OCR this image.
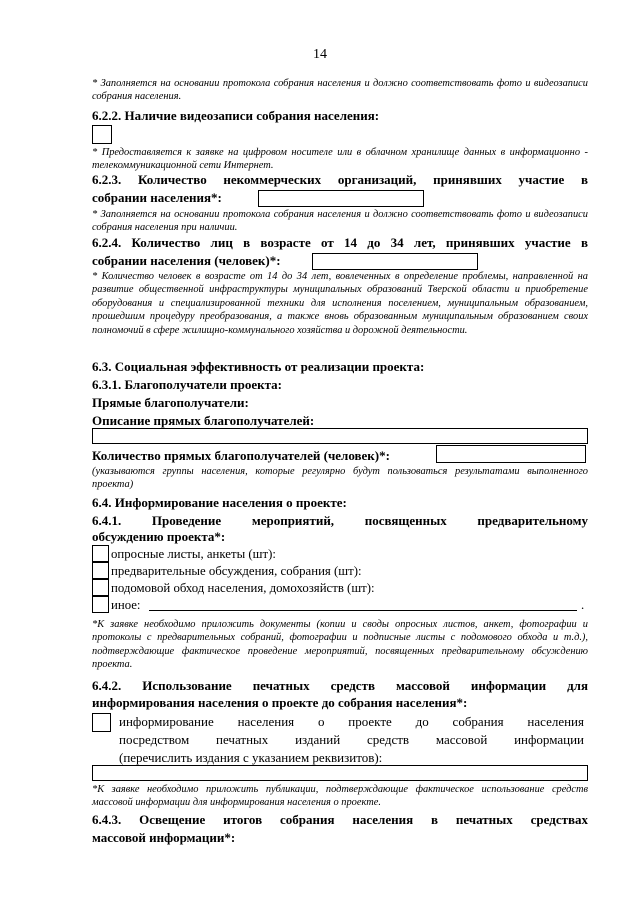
14

* Заполняется на основании протокола собрания населения и должно соответствовать фото и видеозаписи собрания населения.

6.2.2. Наличие видеозаписи собрания населения:

* Предоставляется к заявке на цифровом носителе или в облачном хранилище данных в информационно - телекоммуникационной сети Интернет.

6.2.3. Количество некоммерческих организаций, принявших участие в

собрании населения*:

* Заполняется на основании протокола собрания населения и должно соответствовать фото и видеозаписи собрания населения при наличии.

6.2.4. Количество лиц в возрасте от 14 до 34 лет, принявших участие в

собрании населения (человек)*:

* Количество человек в возрасте от 14 до 34 лет, вовлеченных в определение проблемы, направленной на развитие общественной инфраструктуры муниципальных образований Тверской области и приобретение оборудования и специализированной техники для исполнения поселением, муниципальным образованием, прошедшим процедуру преобразования, а также вновь образованным муниципальным образованием своих полномочий в сфере жилищно-коммунального хозяйства и дорожной деятельности.

6.3. Социальная эффективность от реализации проекта:

6.3.1. Благополучатели проекта:

Прямые благополучатели:

Описание прямых благополучателей:

Количество прямых благополучателей (человек)*:

(указываются группы населения, которые регулярно будут пользоваться результатами выполненного проекта)

6.4. Информирование населения о проекте:

6.4.1. Проведение мероприятий, посвященных предварительному

обсуждению проекта*:

опросные листы, анкеты (шт):
предварительные обсуждения, собрания (шт):
подомовой обход населения, домохозяйств (шт):
иное:	.

*К заявке необходимо приложить документы (копии и своды опросных листов, анкет, фотографии и протоколы с предварительных собраний, фотографии и подписные листы с подомового обхода и т.д.), подтверждающие фактическое проведение мероприятий, посвященных предварительному обсуждению проекта.

6.4.2. Использование печатных средств массовой информации для

информирования населения о проекте до собрания населения*:

информирование населения о проекте до собрания населения
посредством печатных изданий средств массовой информации
(перечислить издания с указанием реквизитов):

*К заявке необходимо приложить публикации, подтверждающие фактическое использование средств массовой информации для информирования населения о проекте.

6.4.3. Освещение итогов собрания населения в печатных средствах

массовой информации*:
